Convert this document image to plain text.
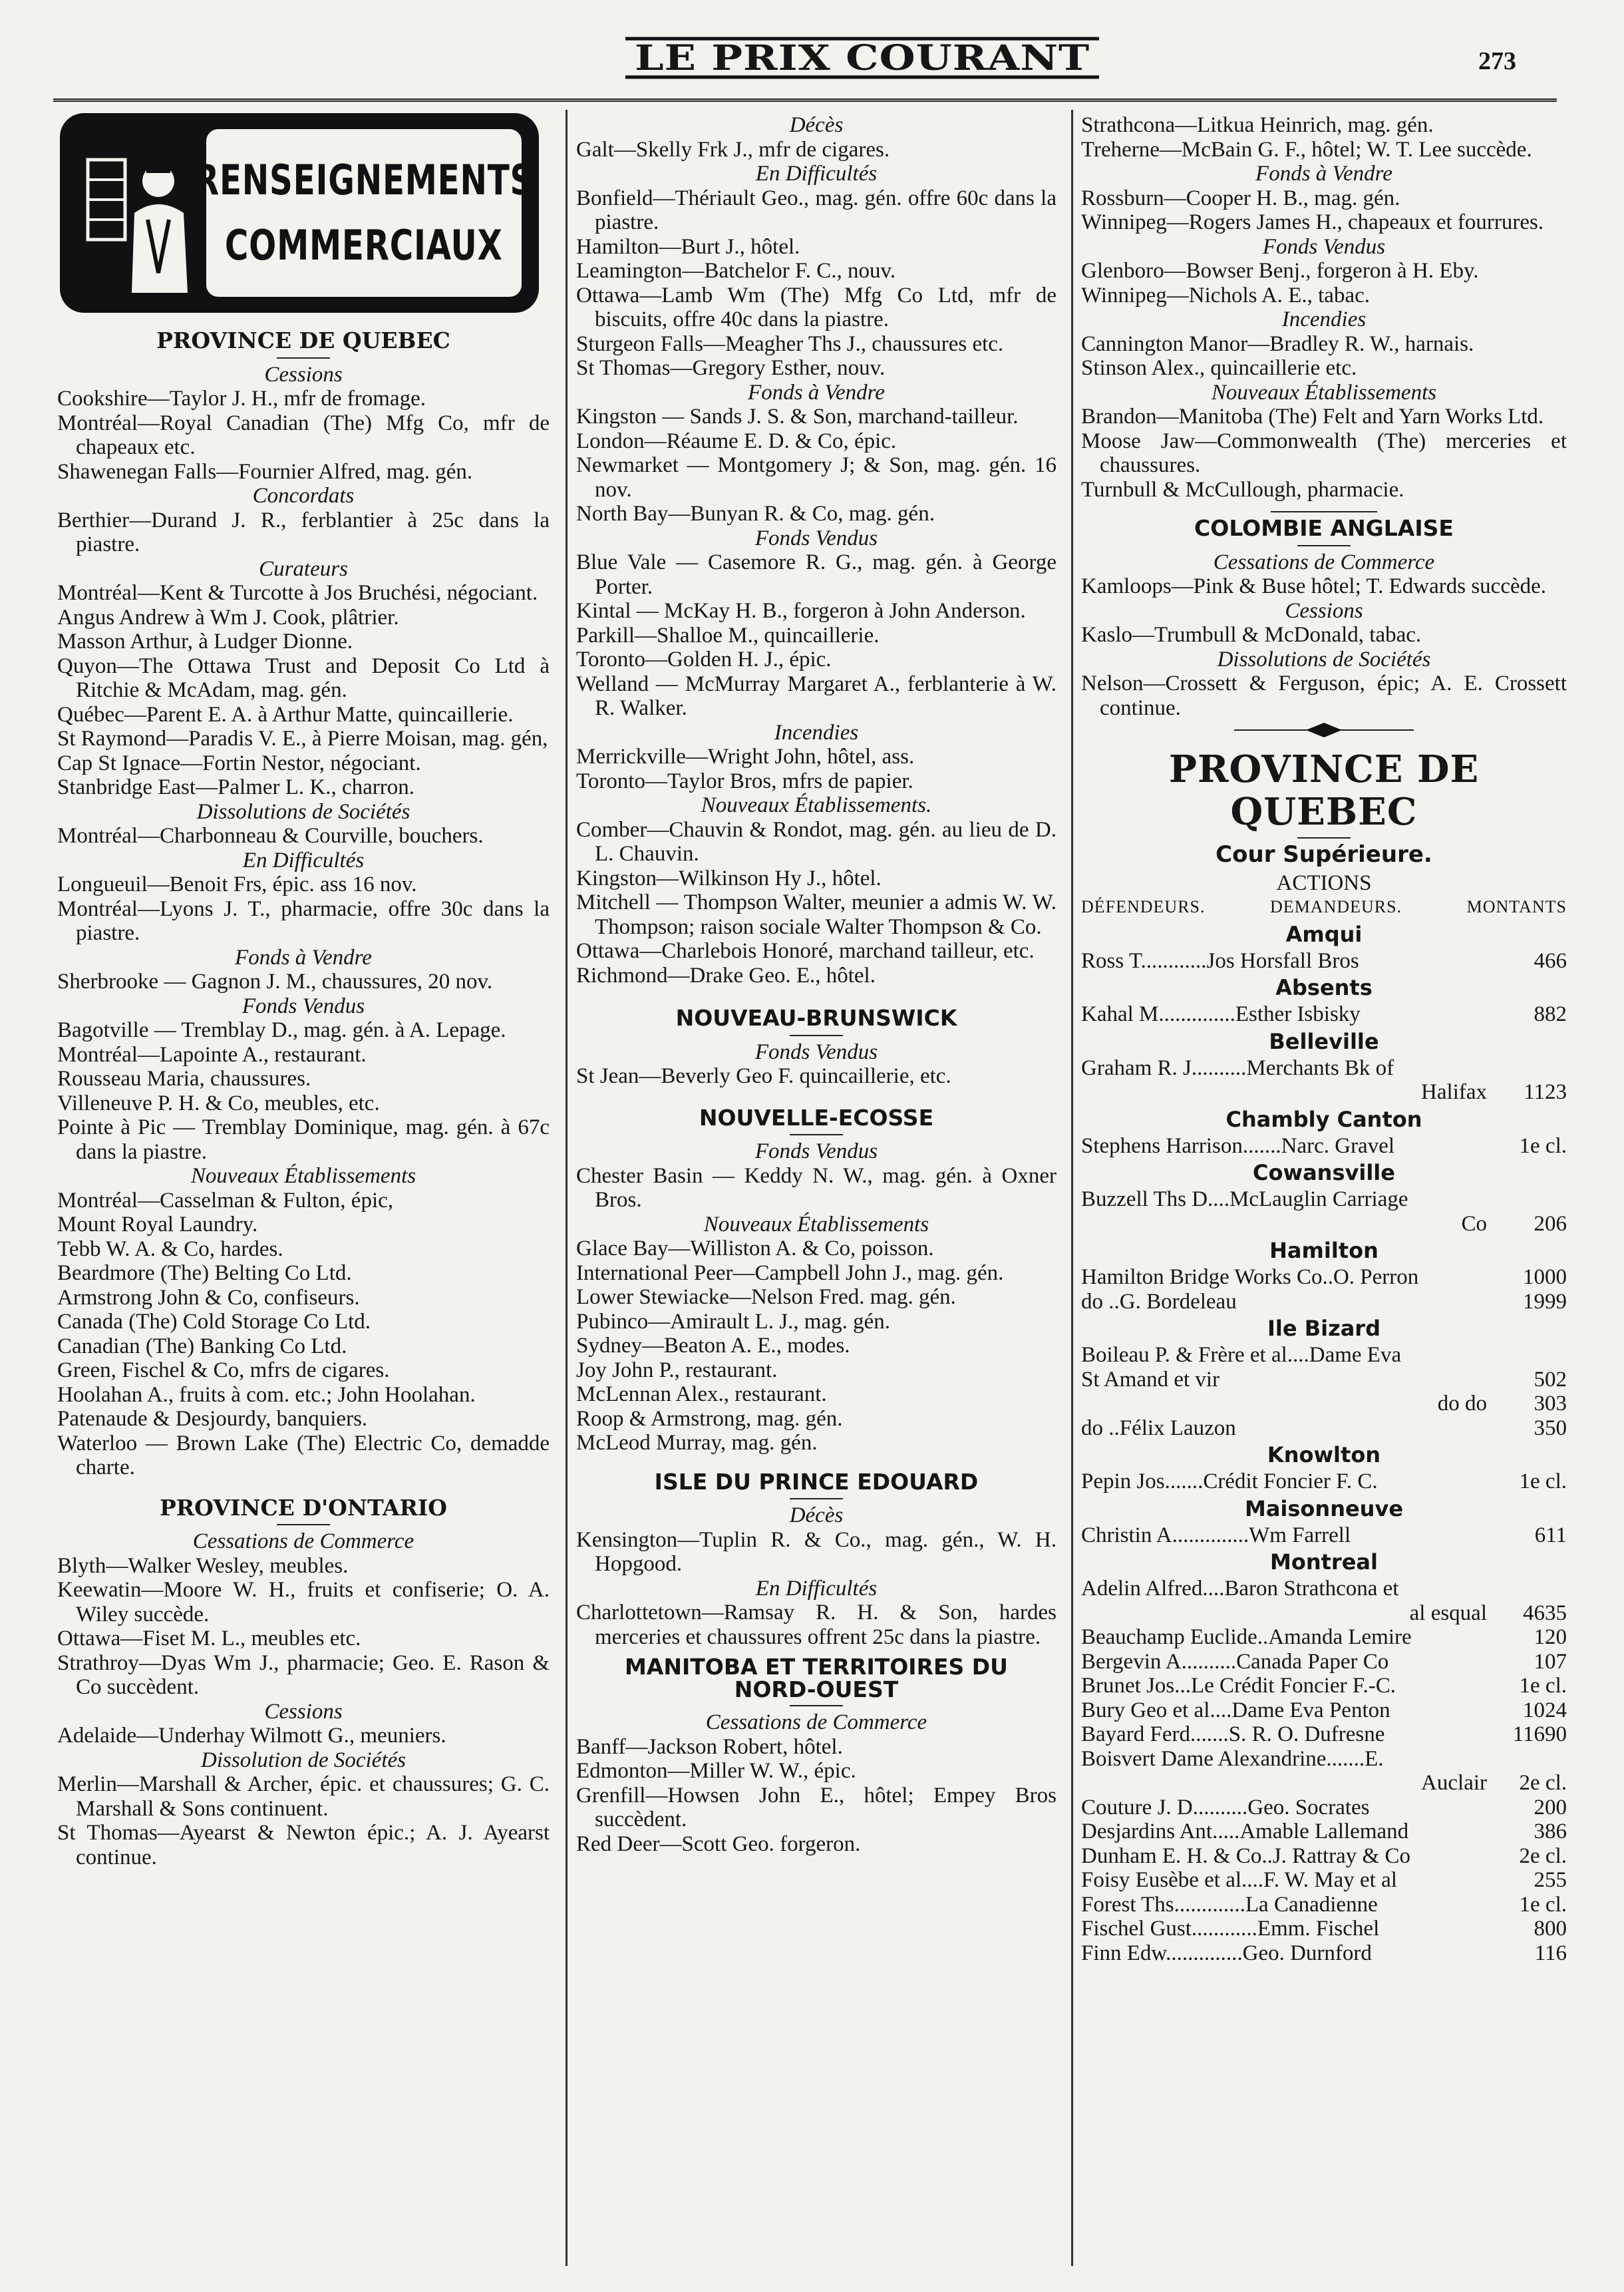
LE PRIX COURANT	273
RENSEIGNEMENTS
COMMERCIAUX
PROVINCE DE QUEBEC
Cessions
Cookshire—Taylor J. H., mfr de fromage.
Montréal—Royal Canadian (The) Mfg Co, mfr de chapeaux etc.
Shawenegan Falls—Fournier Alfred, mag. gén.
Concordats
Berthier—Durand J. R., ferblantier à 25c dans la piastre.
Curateurs
Montréal—Kent & Turcotte à Jos Bruchési, négociant.
Angus Andrew à Wm J. Cook, plâtrier.
Masson Arthur, à Ludger Dionne.
Quyon—The Ottawa Trust and Deposit Co Ltd à Ritchie & McAdam, mag. gén.
Québec—Parent E. A. à Arthur Matte, quincaillerie.
St Raymond—Paradis V. E., à Pierre Moisan, mag. gén,
Cap St Ignace—Fortin Nestor, négociant.
Stanbridge East—Palmer L. K., charron.
Dissolutions de Sociétés
Montréal—Charbonneau & Courville, bouchers.
En Difficultés
Longueuil—Benoit Frs, épic. ass 16 nov.
Montréal—Lyons J. T., pharmacie, offre 30c dans la piastre.
Fonds à Vendre
Sherbrooke — Gagnon J. M., chaussures, 20 nov.
Fonds Vendus
Bagotville — Tremblay D., mag. gén. à A. Lepage.
Montréal—Lapointe A., restaurant.
Rousseau Maria, chaussures.
Villeneuve P. H. & Co, meubles, etc.
Pointe à Pic — Tremblay Dominique, mag. gén. à 67c dans la piastre.
Nouveaux Établissements
Montréal—Casselman & Fulton, épic,
Mount Royal Laundry.
Tebb W. A. & Co, hardes.
Beardmore (The) Belting Co Ltd.
Armstrong John & Co, confiseurs.
Canada (The) Cold Storage Co Ltd.
Canadian (The) Banking Co Ltd.
Green, Fischel & Co, mfrs de cigares.
Hoolahan A., fruits à com. etc.; John Hoolahan.
Patenaude & Desjourdy, banquiers.
Waterloo — Brown Lake (The) Electric Co, demadde charte.
PROVINCE D'ONTARIO
Cessations de Commerce
Blyth—Walker Wesley, meubles.
Keewatin—Moore W. H., fruits et confiserie; O. A. Wiley succède.
Ottawa—Fiset M. L., meubles etc.
Strathroy—Dyas Wm J., pharmacie; Geo. E. Rason & Co succèdent.
Cessions
Adelaide—Underhay Wilmott G., meuniers.
Dissolution de Sociétés
Merlin—Marshall & Archer, épic. et chaussures; G. C. Marshall & Sons continuent.
St Thomas—Ayearst & Newton épic.; A. J. Ayearst continue.
Décès
Galt—Skelly Frk J., mfr de cigares.
En Difficultés
Bonfield—Thériault Geo., mag. gén. offre 60c dans la piastre.
Hamilton—Burt J., hôtel.
Leamington—Batchelor F. C., nouv.
Ottawa—Lamb Wm (The) Mfg Co Ltd, mfr de biscuits, offre 40c dans la piastre.
Sturgeon Falls—Meagher Ths J., chaussures etc.
St Thomas—Gregory Esther, nouv.
Fonds à Vendre
Kingston — Sands J. S. & Son, marchand-tailleur.
London—Réaume E. D. & Co, épic.
Newmarket — Montgomery J; & Son, mag. gén. 16 nov.
North Bay—Bunyan R. & Co, mag. gén.
Fonds Vendus
Blue Vale — Casemore R. G., mag. gén. à George Porter.
Kintal — McKay H. B., forgeron à John Anderson.
Parkill—Shalloe M., quincaillerie.
Toronto—Golden H. J., épic.
Welland — McMurray Margaret A., ferblanterie à W. R. Walker.
Incendies
Merrickville—Wright John, hôtel, ass.
Toronto—Taylor Bros, mfrs de papier.
Nouveaux Établissements.
Comber—Chauvin & Rondot, mag. gén. au lieu de D. L. Chauvin.
Kingston—Wilkinson Hy J., hôtel.
Mitchell — Thompson Walter, meunier a admis W. W. Thompson; raison sociale Walter Thompson & Co.
Ottawa—Charlebois Honoré, marchand tailleur, etc.
Richmond—Drake Geo. E., hôtel.
NOUVEAU-BRUNSWICK
Fonds Vendus
St Jean—Beverly Geo F. quincaillerie, etc.
NOUVELLE-ECOSSE
Fonds Vendus
Chester Basin — Keddy N. W., mag. gén. à Oxner Bros.
Nouveaux Établissements
Glace Bay—Williston A. & Co, poisson.
International Peer—Campbell John J., mag. gén.
Lower Stewiacke—Nelson Fred. mag. gén.
Pubinco—Amirault L. J., mag. gén.
Sydney—Beaton A. E., modes.
Joy John P., restaurant.
McLennan Alex., restaurant.
Roop & Armstrong, mag. gén.
McLeod Murray, mag. gén.
ISLE DU PRINCE EDOUARD
Décès
Kensington—Tuplin R. & Co., mag. gén., W. H. Hopgood.
En Difficultés
Charlottetown—Ramsay R. H. & Son, hardes merceries et chaussures offrent 25c dans la piastre.
MANITOBA ET TERRITOIRES DU
NORD-OUEST
Cessations de Commerce
Banff—Jackson Robert, hôtel.
Edmonton—Miller W. W., épic.
Grenfill—Howsen John E., hôtel; Empey Bros succèdent.
Red Deer—Scott Geo. forgeron.
Strathcona—Litkua Heinrich, mag. gén.
Treherne—McBain G. F., hôtel; W. T. Lee succède.
Fonds à Vendre
Rossburn—Cooper H. B., mag. gén.
Winnipeg—Rogers James H., chapeaux et fourrures.
Fonds Vendus
Glenboro—Bowser Benj., forgeron à H. Eby.
Winnipeg—Nichols A. E., tabac.
Incendies
Cannington Manor—Bradley R. W., harnais.
Stinson Alex., quincaillerie etc.
Nouveaux Établissements
Brandon—Manitoba (The) Felt and Yarn Works Ltd.
Moose Jaw—Commonwealth (The) merceries et chaussures.
Turnbull & McCullough, pharmacie.
COLOMBIE ANGLAISE
Cessations de Commerce
Kamloops—Pink & Buse hôtel; T. Edwards succède.
Cessions
Kaslo—Trumbull & McDonald, tabac.
Dissolutions de Sociétés
Nelson—Crossett & Ferguson, épic; A. E. Crossett continue.
PROVINCE DE QUEBEC
Cour Supérieure.
ACTIONS
DÉFENDEURS.	DEMANDEURS.	MONTANTS
Amqui
Ross T............Jos Horsfall Bros	466
Absents
Kahal M..............Esther Isbisky	882
Belleville
Graham R. J..........Merchants Bk of
Halifax	1123
Chambly Canton
Stephens Harrison.......Narc. Gravel	1e cl.
Cowansville
Buzzell Ths D....McLauglin Carriage
Co	206
Hamilton
Hamilton Bridge Works Co..O. Perron	1000
do ..G. Bordeleau	1999
Ile Bizard
Boileau P. & Frère et al....Dame Eva
St Amand et vir	502
do do	303
do ..Félix Lauzon	350
Knowlton
Pepin Jos.......Crédit Foncier F. C.	1e cl.
Maisonneuve
Christin A..............Wm Farrell	611
Montreal
Adelin Alfred....Baron Strathcona et
al esqual	4635
Beauchamp Euclide..Amanda Lemire	120
Bergevin A..........Canada Paper Co	107
Brunet Jos...Le Crédit Foncier F.-C.	1e cl.
Bury Geo et al....Dame Eva Penton	1024
Bayard Ferd.......S. R. O. Dufresne	11690
Boisvert Dame Alexandrine.......E.
Auclair	2e cl.
Couture J. D..........Geo. Socrates	200
Desjardins Ant.....Amable Lallemand	386
Dunham E. H. & Co..J. Rattray & Co	2e cl.
Foisy Eusèbe et al....F. W. May et al	255
Forest Ths.............La Canadienne	1e cl.
Fischel Gust............Emm. Fischel	800
Finn Edw..............Geo. Durnford	116
